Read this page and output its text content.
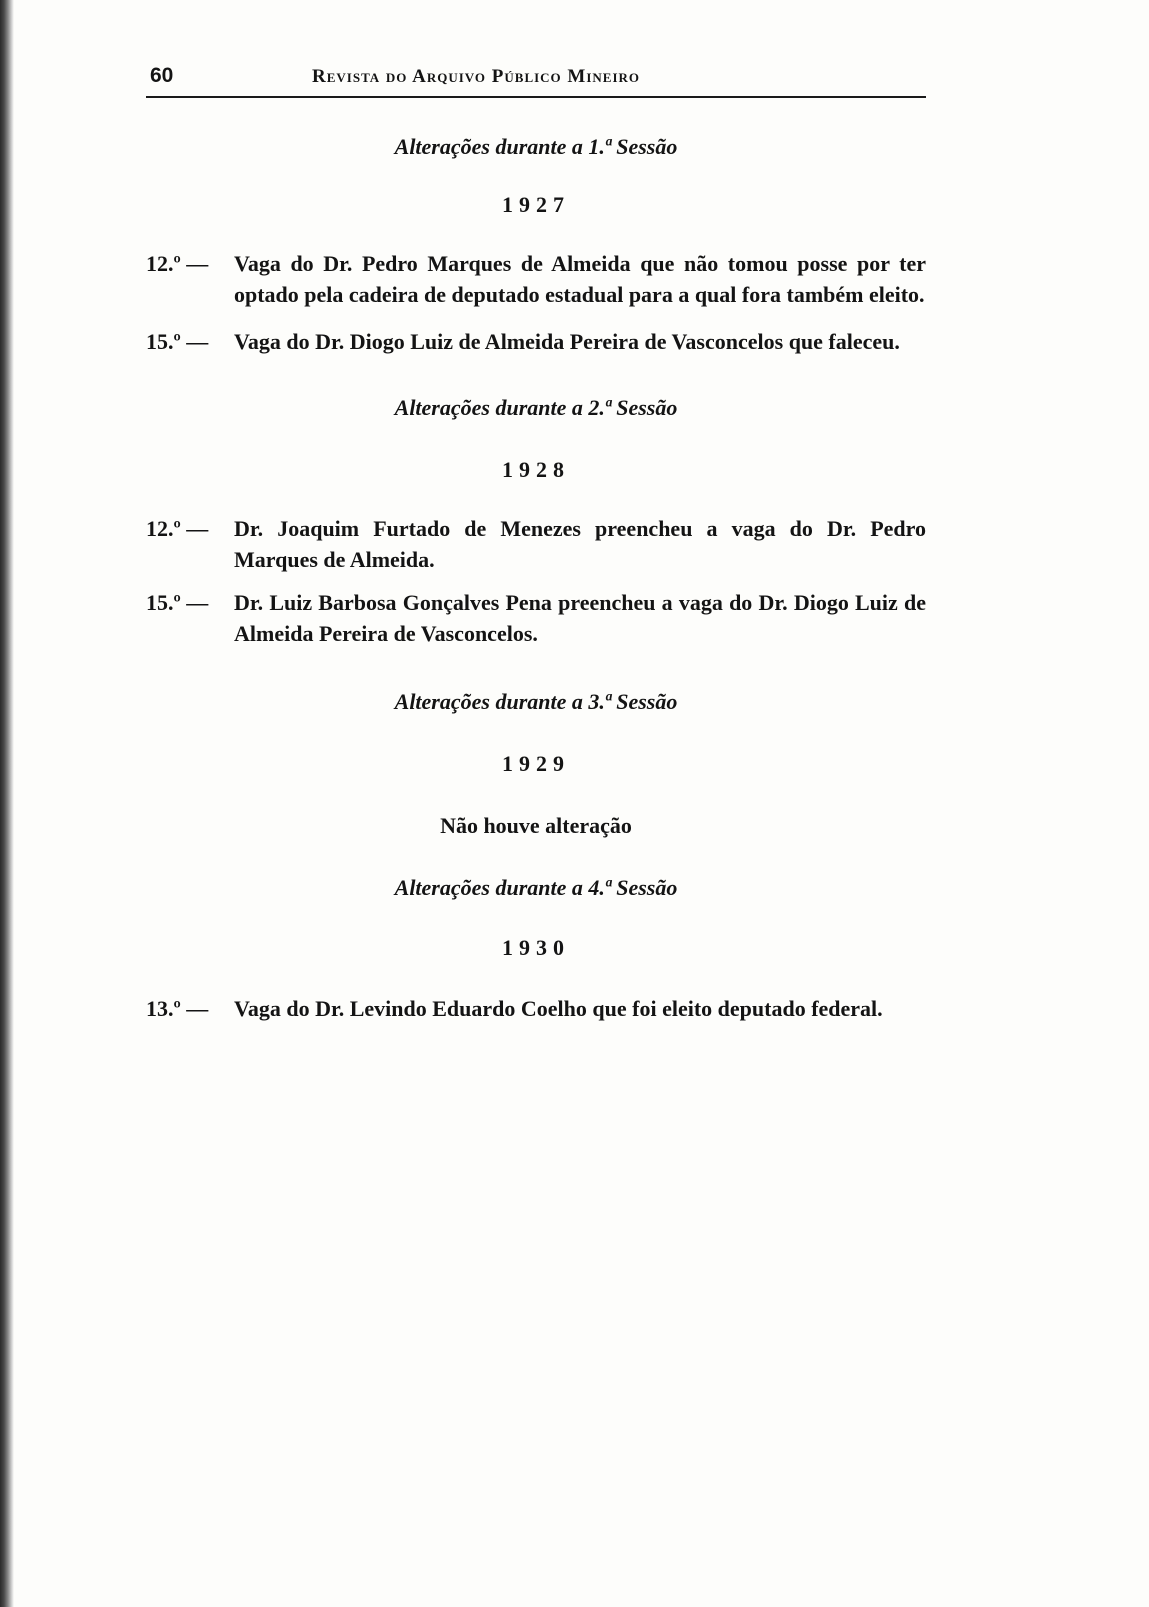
60	Revista do Arquivo Público Mineiro

Alterações durante a 1.ª Sessão

1927

12.º —	Vaga do Dr. Pedro Marques de Almeida que não tomou posse por ter optado pela cadeira de deputado estadual para a qual fora também eleito.
15.º —	Vaga do Dr. Diogo Luiz de Almeida Pereira de Vasconcelos que faleceu.

Alterações durante a 2.ª Sessão

1928

12.º —	Dr. Joaquim Furtado de Menezes preencheu a vaga do Dr. Pedro Marques de Almeida.
15.º —	Dr. Luiz Barbosa Gonçalves Pena preencheu a vaga do Dr. Diogo Luiz de Almeida Pereira de Vasconcelos.

Alterações durante a 3.ª Sessão

1929

Não houve alteração

Alterações durante a 4.ª Sessão

1930

13.º —	Vaga do Dr. Levindo Eduardo Coelho que foi eleito deputado federal.
